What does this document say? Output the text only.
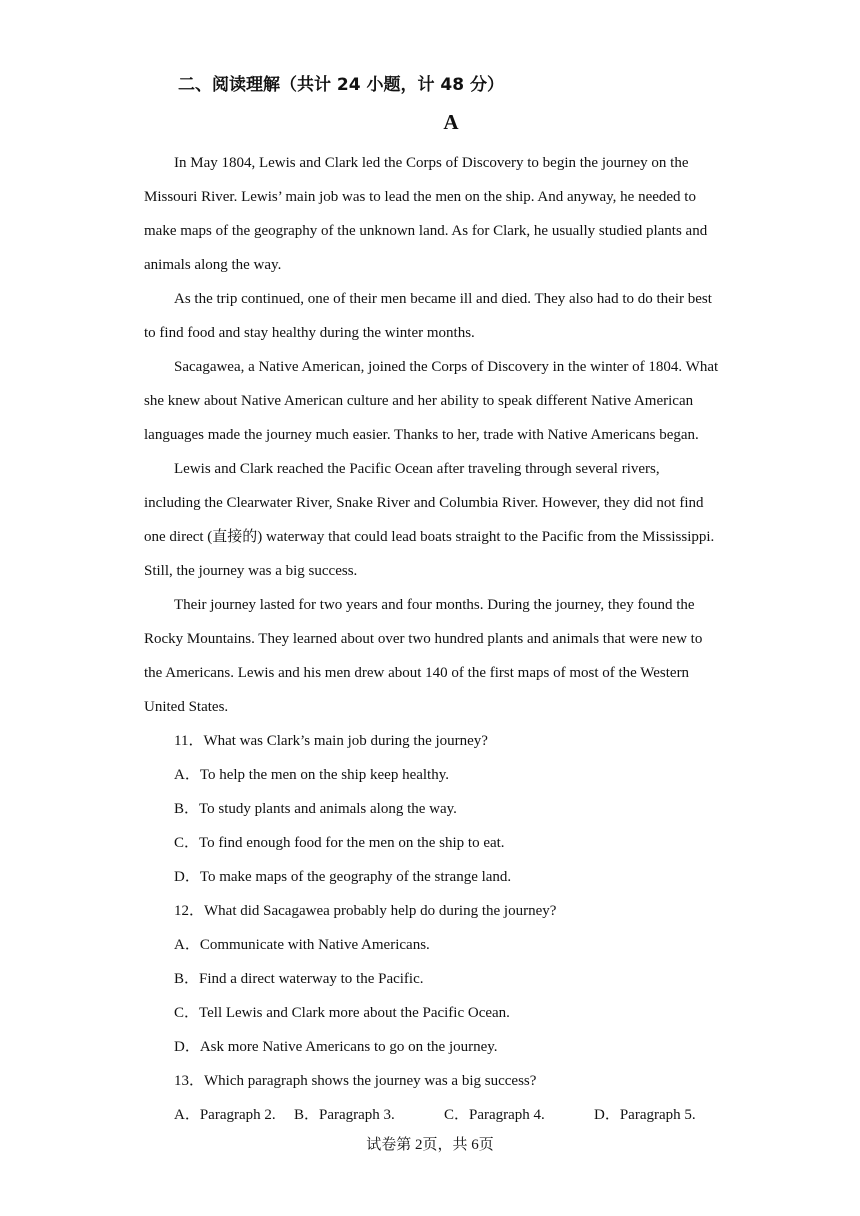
二、阅读理解（共计 24 小题，计 48 分）
A

In May 1804, Lewis and Clark led the Corps of Discovery to begin the journey on the Missouri River. Lewis’ main job was to lead the men on the ship. And anyway, he needed to make maps of the geography of the unknown land. As for Clark, he usually studied plants and animals along the way.

As the trip continued, one of their men became ill and died. They also had to do their best to find food and stay healthy during the winter months.

Sacagawea, a Native American, joined the Corps of Discovery in the winter of 1804. What she knew about Native American culture and her ability to speak different Native American languages made the journey much easier. Thanks to her, trade with Native Americans began.

Lewis and Clark reached the Pacific Ocean after traveling through several rivers, including the Clearwater River, Snake River and Columbia River. However, they did not find one direct (直接的) waterway that could lead boats straight to the Pacific from the Mississippi. Still, the journey was a big success.

Their journey lasted for two years and four months. During the journey, they found the Rocky Mountains. They learned about over two hundred plants and animals that were new to the Americans. Lewis and his men drew about 140 of the first maps of most of the Western United States.

11．What was Clark’s main job during the journey?

A．To help the men on the ship keep healthy.

B．To study plants and animals along the way.

C．To find enough food for the men on the ship to eat.

D．To make maps of the geography of the strange land.

12．What did Sacagawea probably help do during the journey?

A．Communicate with Native Americans.

B．Find a direct waterway to the Pacific.

C．Tell Lewis and Clark more about the Pacific Ocean.

D．Ask more Native Americans to go on the journey.

13．Which paragraph shows the journey was a big success?

A．Paragraph 2. B．Paragraph 3.	C．Paragraph 4.	D．Paragraph 5.
试卷第 2页，共 6页
